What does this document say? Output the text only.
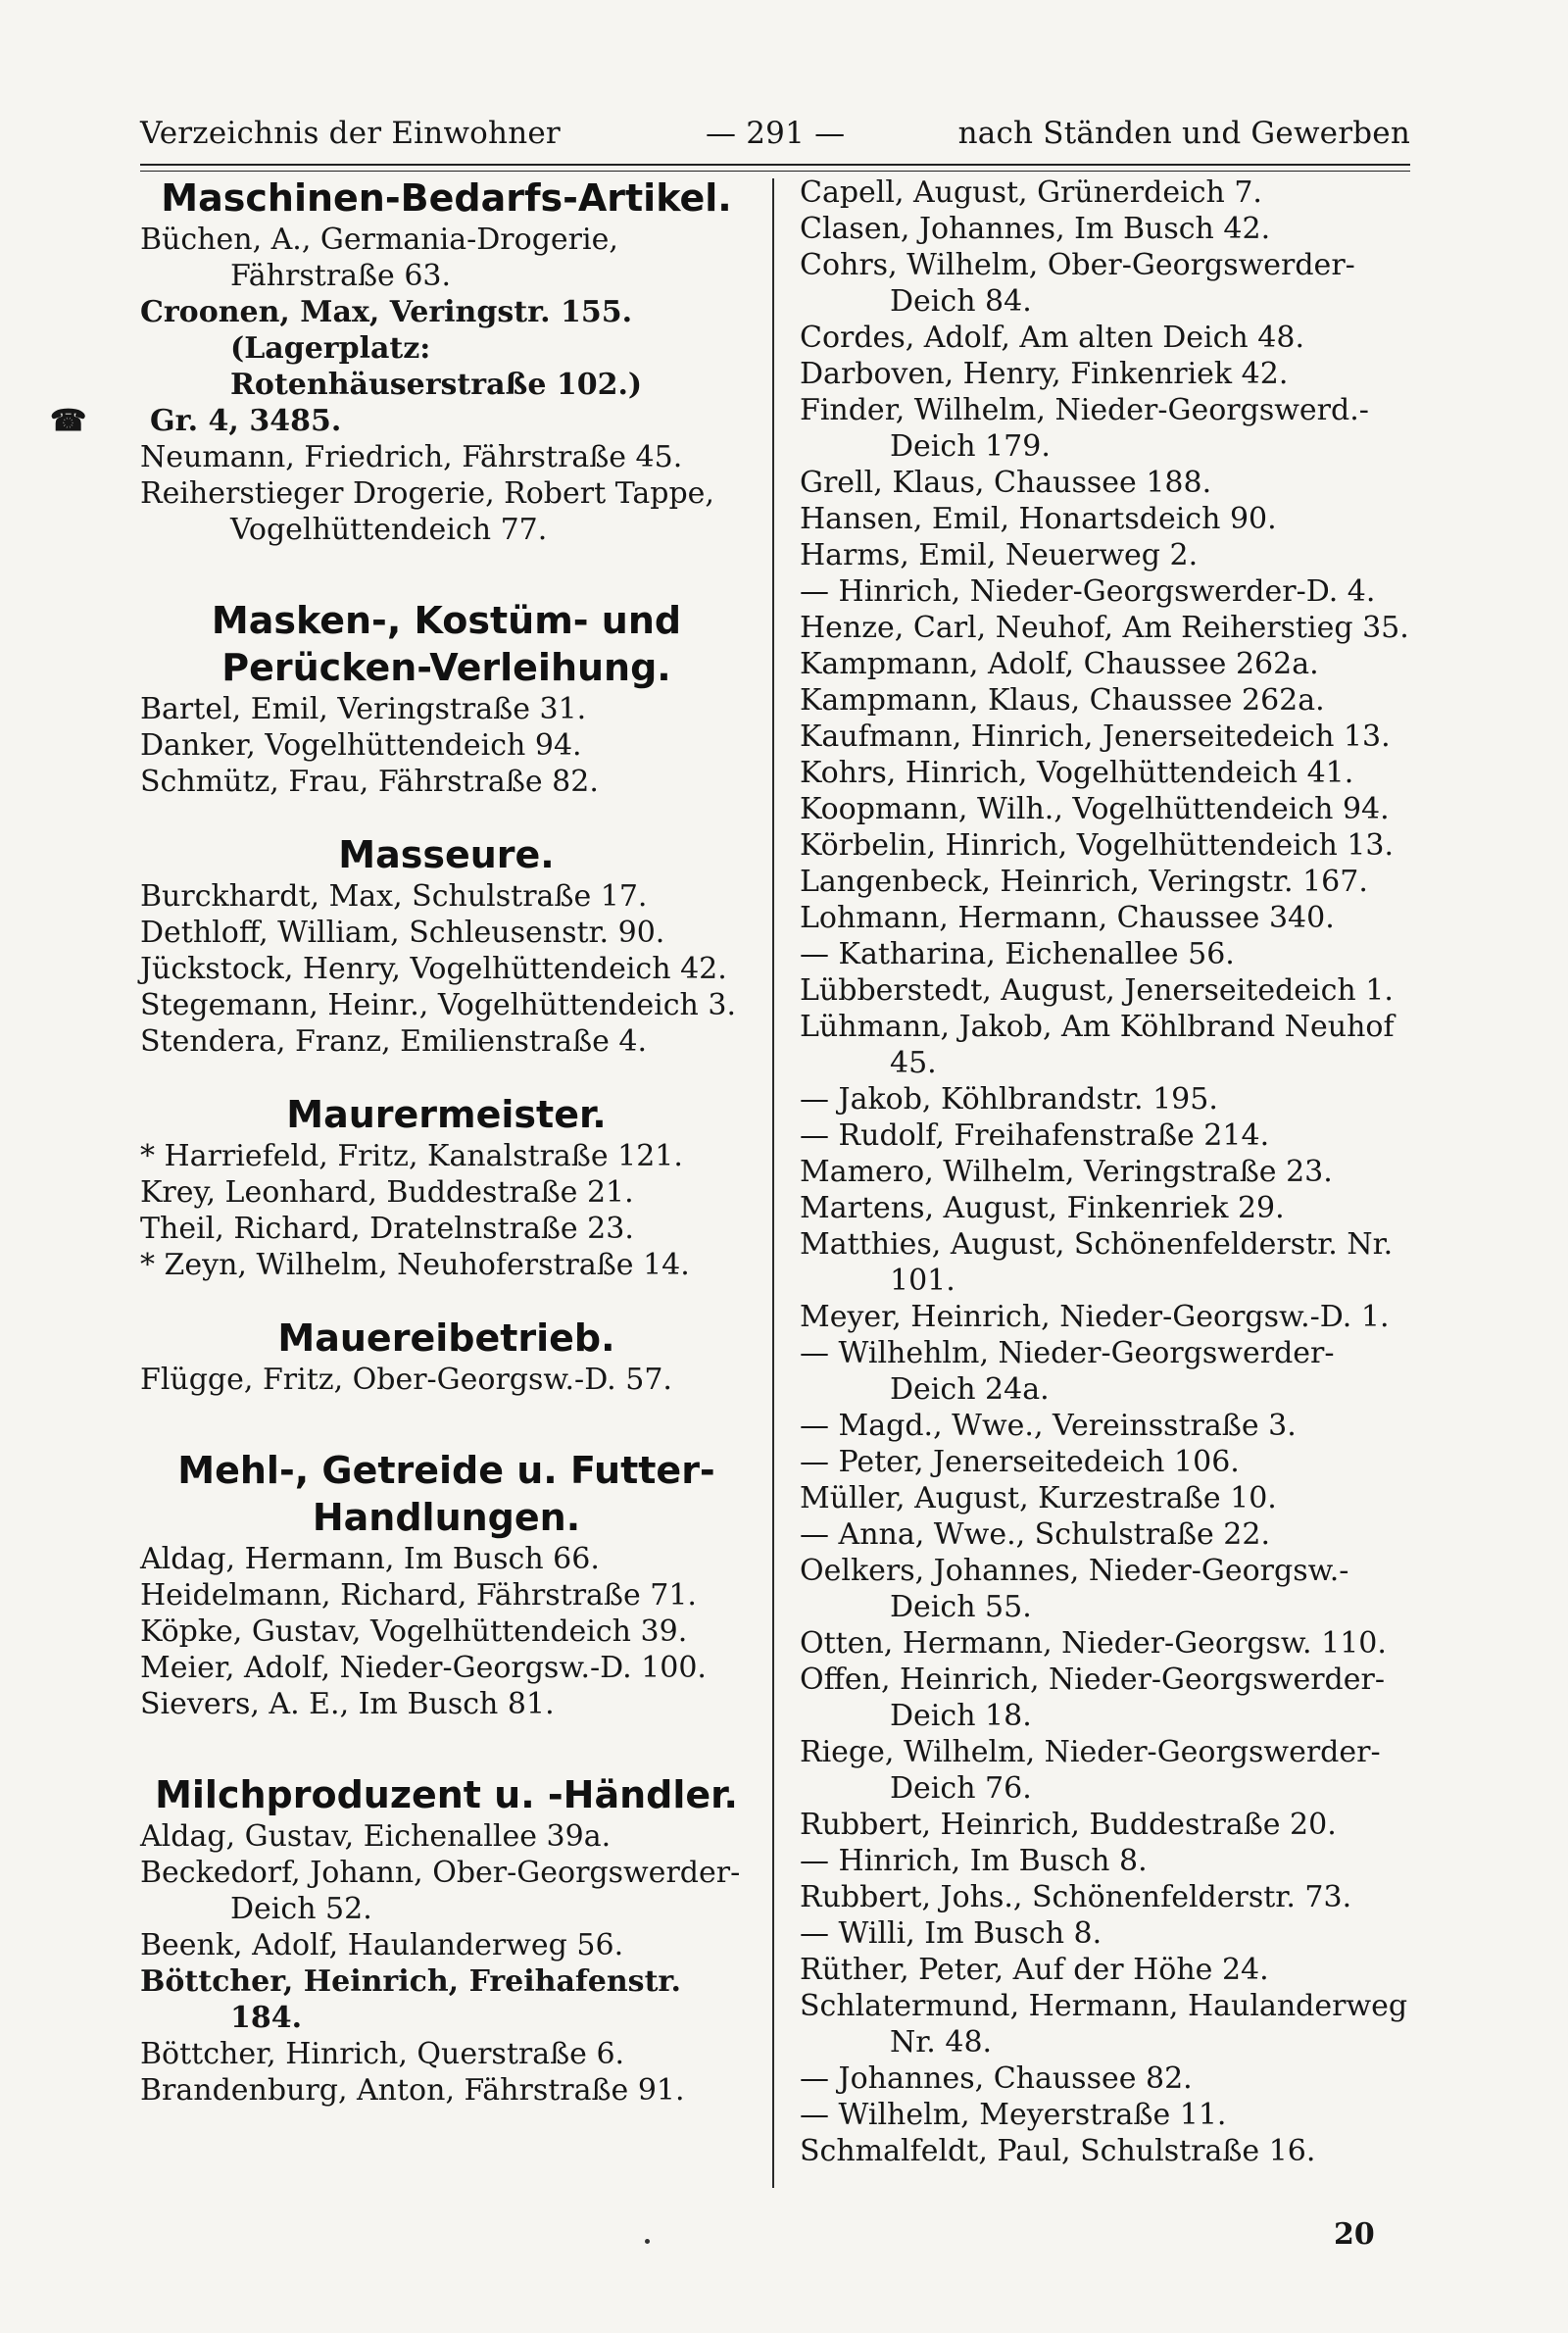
Verzeichnis der Einwohner	— 291 —	nach Ständen und Gewerben

Maschinen-Bedarfs-Artikel.

Büchen, A., Germania-Drogerie, Fährstraße 63.

Croonen, Max, Veringstr. 155. (Lagerplatz: Rotenhäuserstraße 102.)

☎ Gr. 4, 3485.

Neumann, Friedrich, Fährstraße 45.

Reiherstieger Drogerie, Robert Tappe, Vogelhüttendeich 77.

Masken-, Kostüm- und Perücken-Verleihung.

Bartel, Emil, Veringstraße 31.

Danker, Vogelhüttendeich 94.

Schmütz, Frau, Fährstraße 82.

Masseure.

Burckhardt, Max, Schulstraße 17.

Dethloff, William, Schleusenstr. 90.

Jückstock, Henry, Vogelhüttendeich 42.

Stegemann, Heinr., Vogelhüttendeich 3.

Stendera, Franz, Emilienstraße 4.

Maurermeister.

* Harriefeld, Fritz, Kanalstraße 121.

Krey, Leonhard, Buddestraße 21.

Theil, Richard, Dratelnstraße 23.

* Zeyn, Wilhelm, Neuhoferstraße 14.

Mauereibetrieb.

Flügge, Fritz, Ober-Georgsw.-D. 57.

Mehl-, Getreide u. Futter-Handlungen.

Aldag, Hermann, Im Busch 66.

Heidelmann, Richard, Fährstraße 71.

Köpke, Gustav, Vogelhüttendeich 39.

Meier, Adolf, Nieder-Georgsw.-D. 100.

Sievers, A. E., Im Busch 81.

Milchproduzent u. -Händler.

Aldag, Gustav, Eichenallee 39a.

Beckedorf, Johann, Ober-Georgswerder-Deich 52.

Beenk, Adolf, Haulanderweg 56.

Böttcher, Heinrich, Freihafenstr. 184.

Böttcher, Hinrich, Querstraße 6.

Brandenburg, Anton, Fährstraße 91.

Capell, August, Grünerdeich 7.

Clasen, Johannes, Im Busch 42.

Cohrs, Wilhelm, Ober-Georgswerder-Deich 84.

Cordes, Adolf, Am alten Deich 48.

Darboven, Henry, Finkenriek 42.

Finder, Wilhelm, Nieder-Georgswerd.-Deich 179.

Grell, Klaus, Chaussee 188.

Hansen, Emil, Honartsdeich 90.

Harms, Emil, Neuerweg 2.

— Hinrich, Nieder-Georgswerder-D. 4.

Henze, Carl, Neuhof, Am Reiherstieg 35.

Kampmann, Adolf, Chaussee 262a.

Kampmann, Klaus, Chaussee 262a.

Kaufmann, Hinrich, Jenerseitedeich 13.

Kohrs, Hinrich, Vogelhüttendeich 41.

Koopmann, Wilh., Vogelhüttendeich 94.

Körbelin, Hinrich, Vogelhüttendeich 13.

Langenbeck, Heinrich, Veringstr. 167.

Lohmann, Hermann, Chaussee 340.

— Katharina, Eichenallee 56.

Lübberstedt, August, Jenerseitedeich 1.

Lühmann, Jakob, Am Köhlbrand Neuhof 45.

— Jakob, Köhlbrandstr. 195.

— Rudolf, Freihafenstraße 214.

Mamero, Wilhelm, Veringstraße 23.

Martens, August, Finkenriek 29.

Matthies, August, Schönenfelderstr. Nr. 101.

Meyer, Heinrich, Nieder-Georgsw.-D. 1.

— Wilhehlm, Nieder-Georgswerder-Deich 24a.

— Magd., Wwe., Vereinsstraße 3.

— Peter, Jenerseitedeich 106.

Müller, August, Kurzestraße 10.

— Anna, Wwe., Schulstraße 22.

Oelkers, Johannes, Nieder-Georgsw.-Deich 55.

Otten, Hermann, Nieder-Georgsw. 110.

Offen, Heinrich, Nieder-Georgswerder-Deich 18.

Riege, Wilhelm, Nieder-Georgswerder-Deich 76.

Rubbert, Heinrich, Buddestraße 20.

— Hinrich, Im Busch 8.

Rubbert, Johs., Schönenfelderstr. 73.

— Willi, Im Busch 8.

Rüther, Peter, Auf der Höhe 24.

Schlatermund, Hermann, Haulanderweg Nr. 48.

— Johannes, Chaussee 82.

— Wilhelm, Meyerstraße 11.

Schmalfeldt, Paul, Schulstraße 16.

20
